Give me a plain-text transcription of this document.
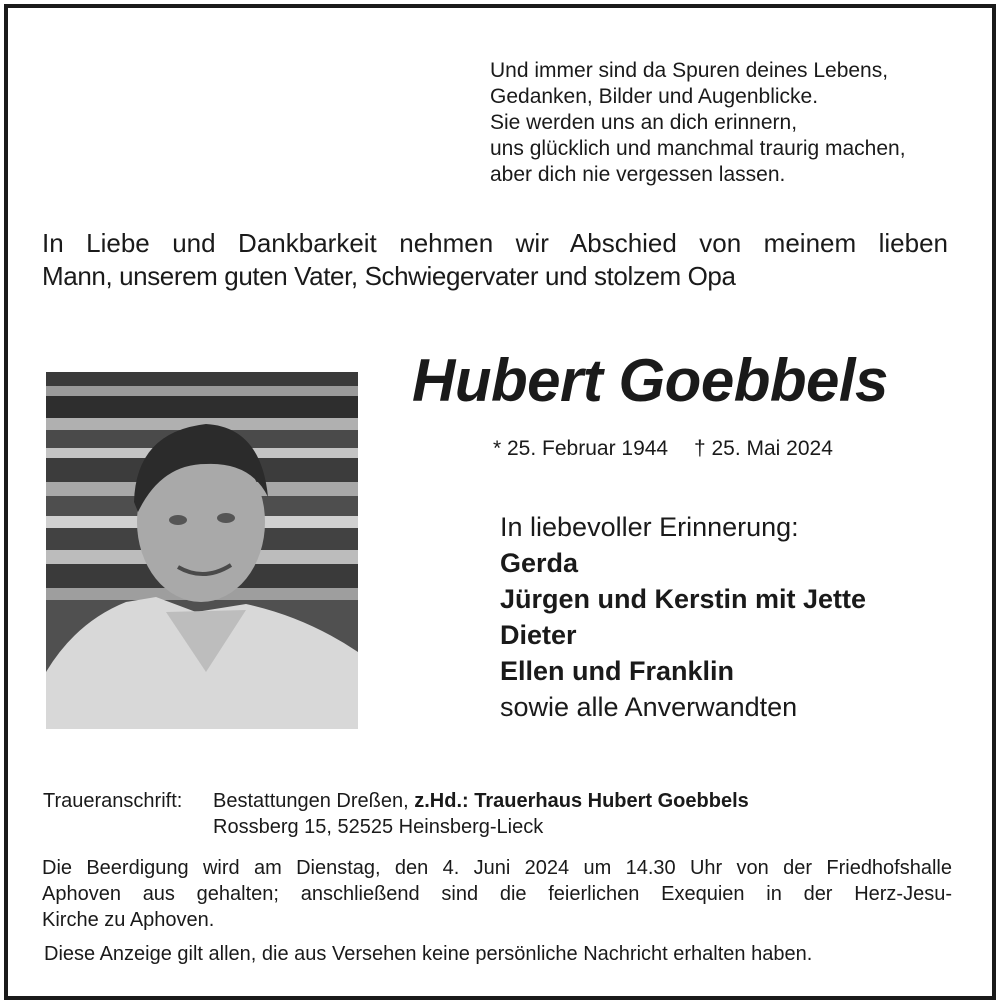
Und immer sind da Spuren deines Lebens,
Gedanken, Bilder und Augenblicke.
Sie werden uns an dich erinnern,
uns glücklich und manchmal traurig machen,
aber dich nie vergessen lassen.
In Liebe und Dankbarkeit nehmen wir Abschied von meinem lieben
Mann, unserem guten Vater, Schwiegervater und stolzem Opa
Hubert Goebbels
* 25. Februar 1944 † 25. Mai 2024
In liebevoller Erinnerung:
Gerda
Jürgen und Kerstin mit Jette
Dieter
Ellen und Franklin
sowie alle Anverwandten
Traueranschrift:	Bestattungen Dreßen,
z.Hd.: Trauerhaus Hubert Goebbels
Rossberg 15, 52525 Heinsberg-Lieck
Die Beerdigung wird am Dienstag, den 4. Juni 2024 um 14.30 Uhr von der Friedhofshalle
Aphoven aus gehalten; anschließend sind die feierlichen Exequien in der Herz-Jesu-
Kirche zu Aphoven.
Diese Anzeige gilt allen, die aus Versehen keine persönliche Nachricht erhalten haben.
